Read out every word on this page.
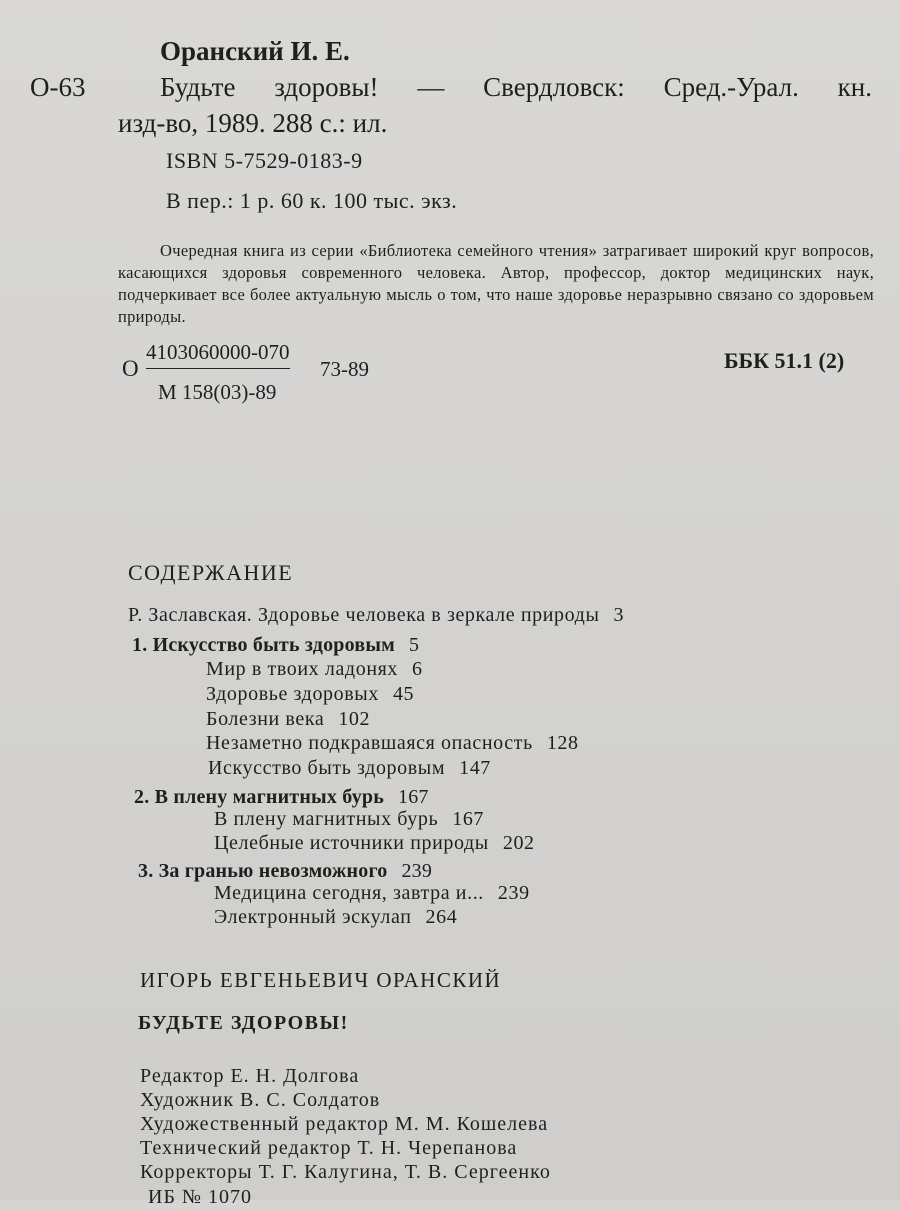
Оранский И. Е.
О-63	Будьте здоровы! — Свердловск: Сред.-Урал. кн.
изд-во, 1989. 288 с.: ил.
ISBN 5-7529-0183-9
В пер.: 1 р. 60 к. 100 тыс. экз.
Очередная книга из серии «Библиотека семейного чтения» затрагивает широкий круг вопросов, касающихся здоровья современного человека. Автор, профессор, доктор медицинских наук, подчеркивает все более актуальную мысль о том, что наше здоровье неразрывно связано со здоровьем природы.
О
4103060000-070
М 158(03)-89
73-89	ББК 51.1 (2)
СОДЕРЖАНИЕ
Р. Заславская. Здоровье человека в зеркале природы 3
1. Искусство быть здоровым 5
Мир в твоих ладонях 6
Здоровье здоровых 45
Болезни века 102
Незаметно подкравшаяся опасность 128
Искусство быть здоровым 147
2. В плену магнитных бурь 167
В плену магнитных бурь 167
Целебные источники природы 202
3. За гранью невозможного 239
Медицина сегодня, завтра и... 239
Электронный эскулап 264
ИГОРЬ ЕВГЕНЬЕВИЧ ОРАНСКИЙ
БУДЬТЕ ЗДОРОВЫ!
Редактор Е. Н. Долгова
Художник В. С. Солдатов
Художественный редактор М. М. Кошелева
Технический редактор Т. Н. Черепанова
Корректоры Т. Г. Калугина, Т. В. Сергеенко
ИБ № 1070
